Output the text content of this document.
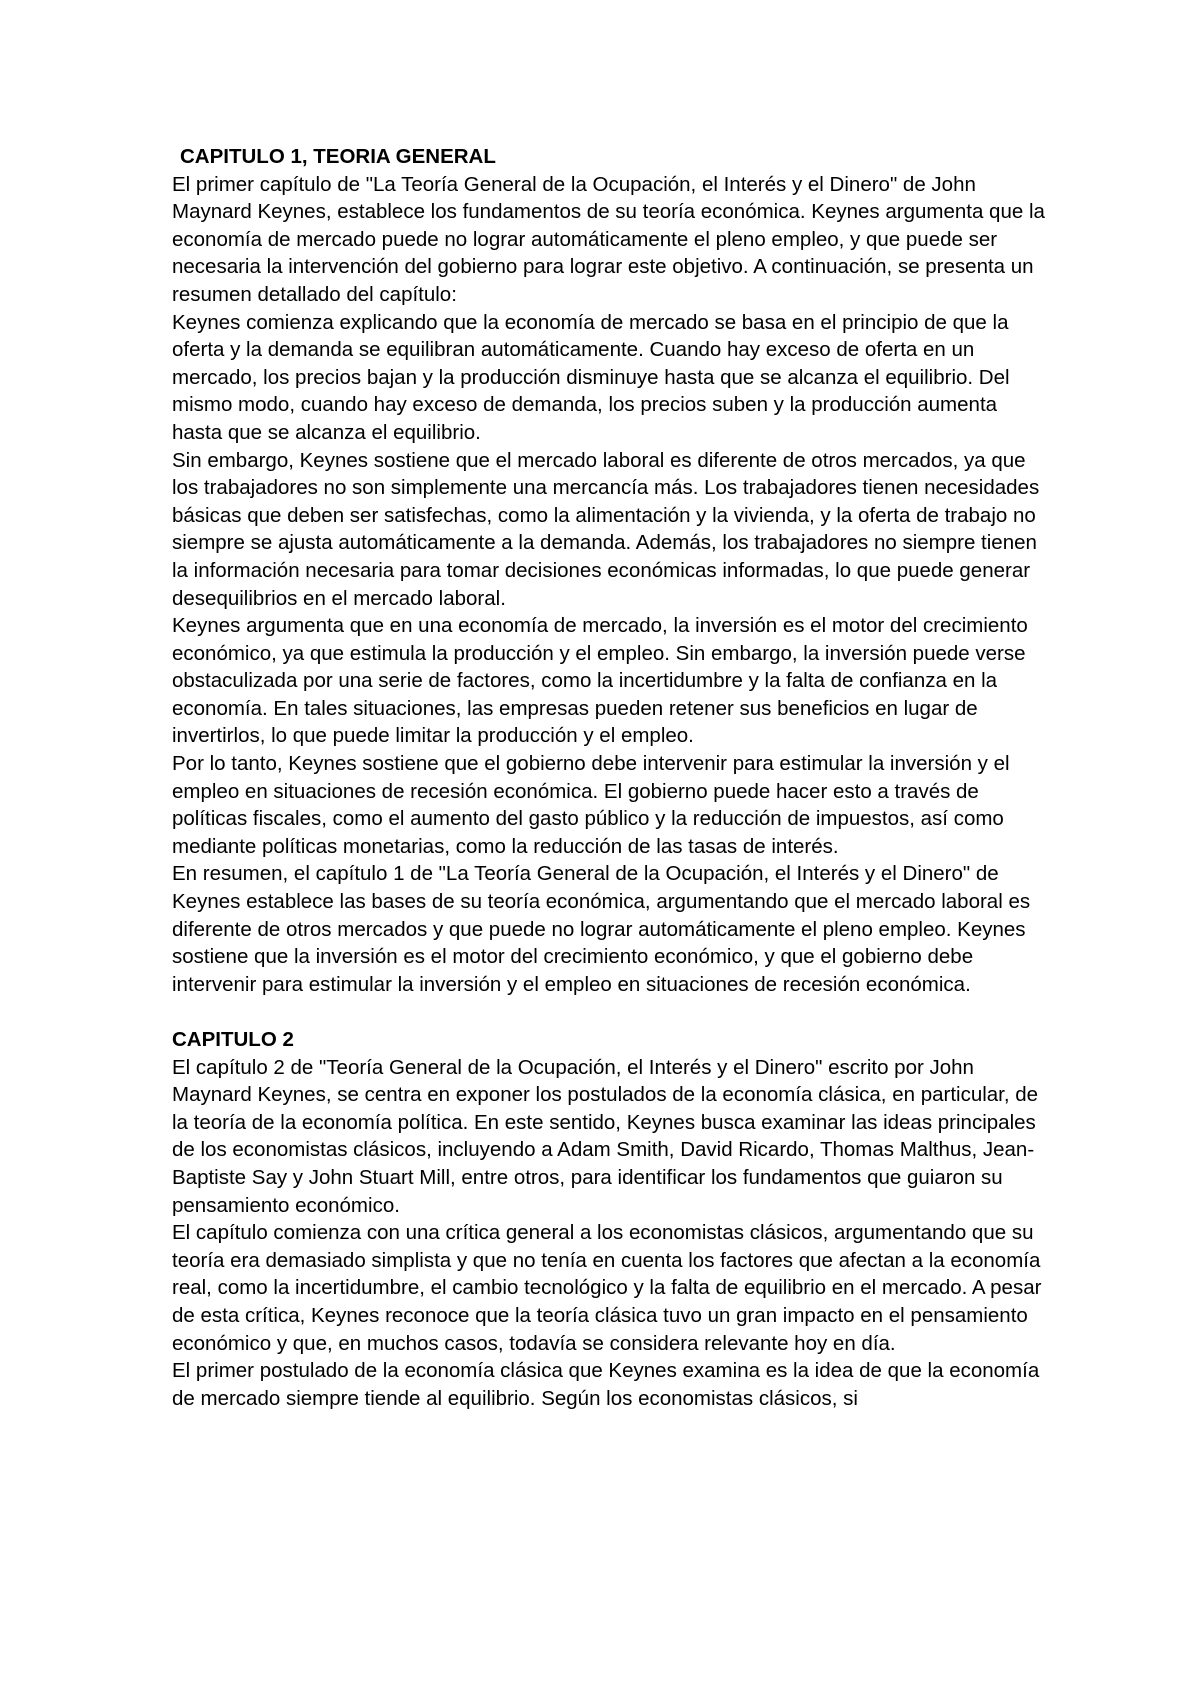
CAPITULO 1, TEORIA GENERAL

El primer capítulo de "La Teoría General de la Ocupación, el Interés y el Dinero" de John Maynard Keynes, establece los fundamentos de su teoría económica. Keynes argumenta que la economía de mercado puede no lograr automáticamente el pleno empleo, y que puede ser necesaria la intervención del gobierno para lograr este objetivo. A continuación, se presenta un resumen detallado del capítulo:

Keynes comienza explicando que la economía de mercado se basa en el principio de que la oferta y la demanda se equilibran automáticamente. Cuando hay exceso de oferta en un mercado, los precios bajan y la producción disminuye hasta que se alcanza el equilibrio. Del mismo modo, cuando hay exceso de demanda, los precios suben y la producción aumenta hasta que se alcanza el equilibrio.

Sin embargo, Keynes sostiene que el mercado laboral es diferente de otros mercados, ya que los trabajadores no son simplemente una mercancía más. Los trabajadores tienen necesidades básicas que deben ser satisfechas, como la alimentación y la vivienda, y la oferta de trabajo no siempre se ajusta automáticamente a la demanda. Además, los trabajadores no siempre tienen la información necesaria para tomar decisiones económicas informadas, lo que puede generar desequilibrios en el mercado laboral.

Keynes argumenta que en una economía de mercado, la inversión es el motor del crecimiento económico, ya que estimula la producción y el empleo. Sin embargo, la inversión puede verse obstaculizada por una serie de factores, como la incertidumbre y la falta de confianza en la economía. En tales situaciones, las empresas pueden retener sus beneficios en lugar de invertirlos, lo que puede limitar la producción y el empleo.

Por lo tanto, Keynes sostiene que el gobierno debe intervenir para estimular la inversión y el empleo en situaciones de recesión económica. El gobierno puede hacer esto a través de políticas fiscales, como el aumento del gasto público y la reducción de impuestos, así como mediante políticas monetarias, como la reducción de las tasas de interés.

En resumen, el capítulo 1 de "La Teoría General de la Ocupación, el Interés y el Dinero" de Keynes establece las bases de su teoría económica, argumentando que el mercado laboral es diferente de otros mercados y que puede no lograr automáticamente el pleno empleo. Keynes sostiene que la inversión es el motor del crecimiento económico, y que el gobierno debe intervenir para estimular la inversión y el empleo en situaciones de recesión económica.

CAPITULO 2

El capítulo 2 de "Teoría General de la Ocupación, el Interés y el Dinero" escrito por John Maynard Keynes, se centra en exponer los postulados de la economía clásica, en particular, de la teoría de la economía política. En este sentido, Keynes busca examinar las ideas principales de los economistas clásicos, incluyendo a Adam Smith, David Ricardo, Thomas Malthus, Jean-Baptiste Say y John Stuart Mill, entre otros, para identificar los fundamentos que guiaron su pensamiento económico.

El capítulo comienza con una crítica general a los economistas clásicos, argumentando que su teoría era demasiado simplista y que no tenía en cuenta los factores que afectan a la economía real, como la incertidumbre, el cambio tecnológico y la falta de equilibrio en el mercado. A pesar de esta crítica, Keynes reconoce que la teoría clásica tuvo un gran impacto en el pensamiento económico y que, en muchos casos, todavía se considera relevante hoy en día.

El primer postulado de la economía clásica que Keynes examina es la idea de que la economía de mercado siempre tiende al equilibrio. Según los economistas clásicos, si
